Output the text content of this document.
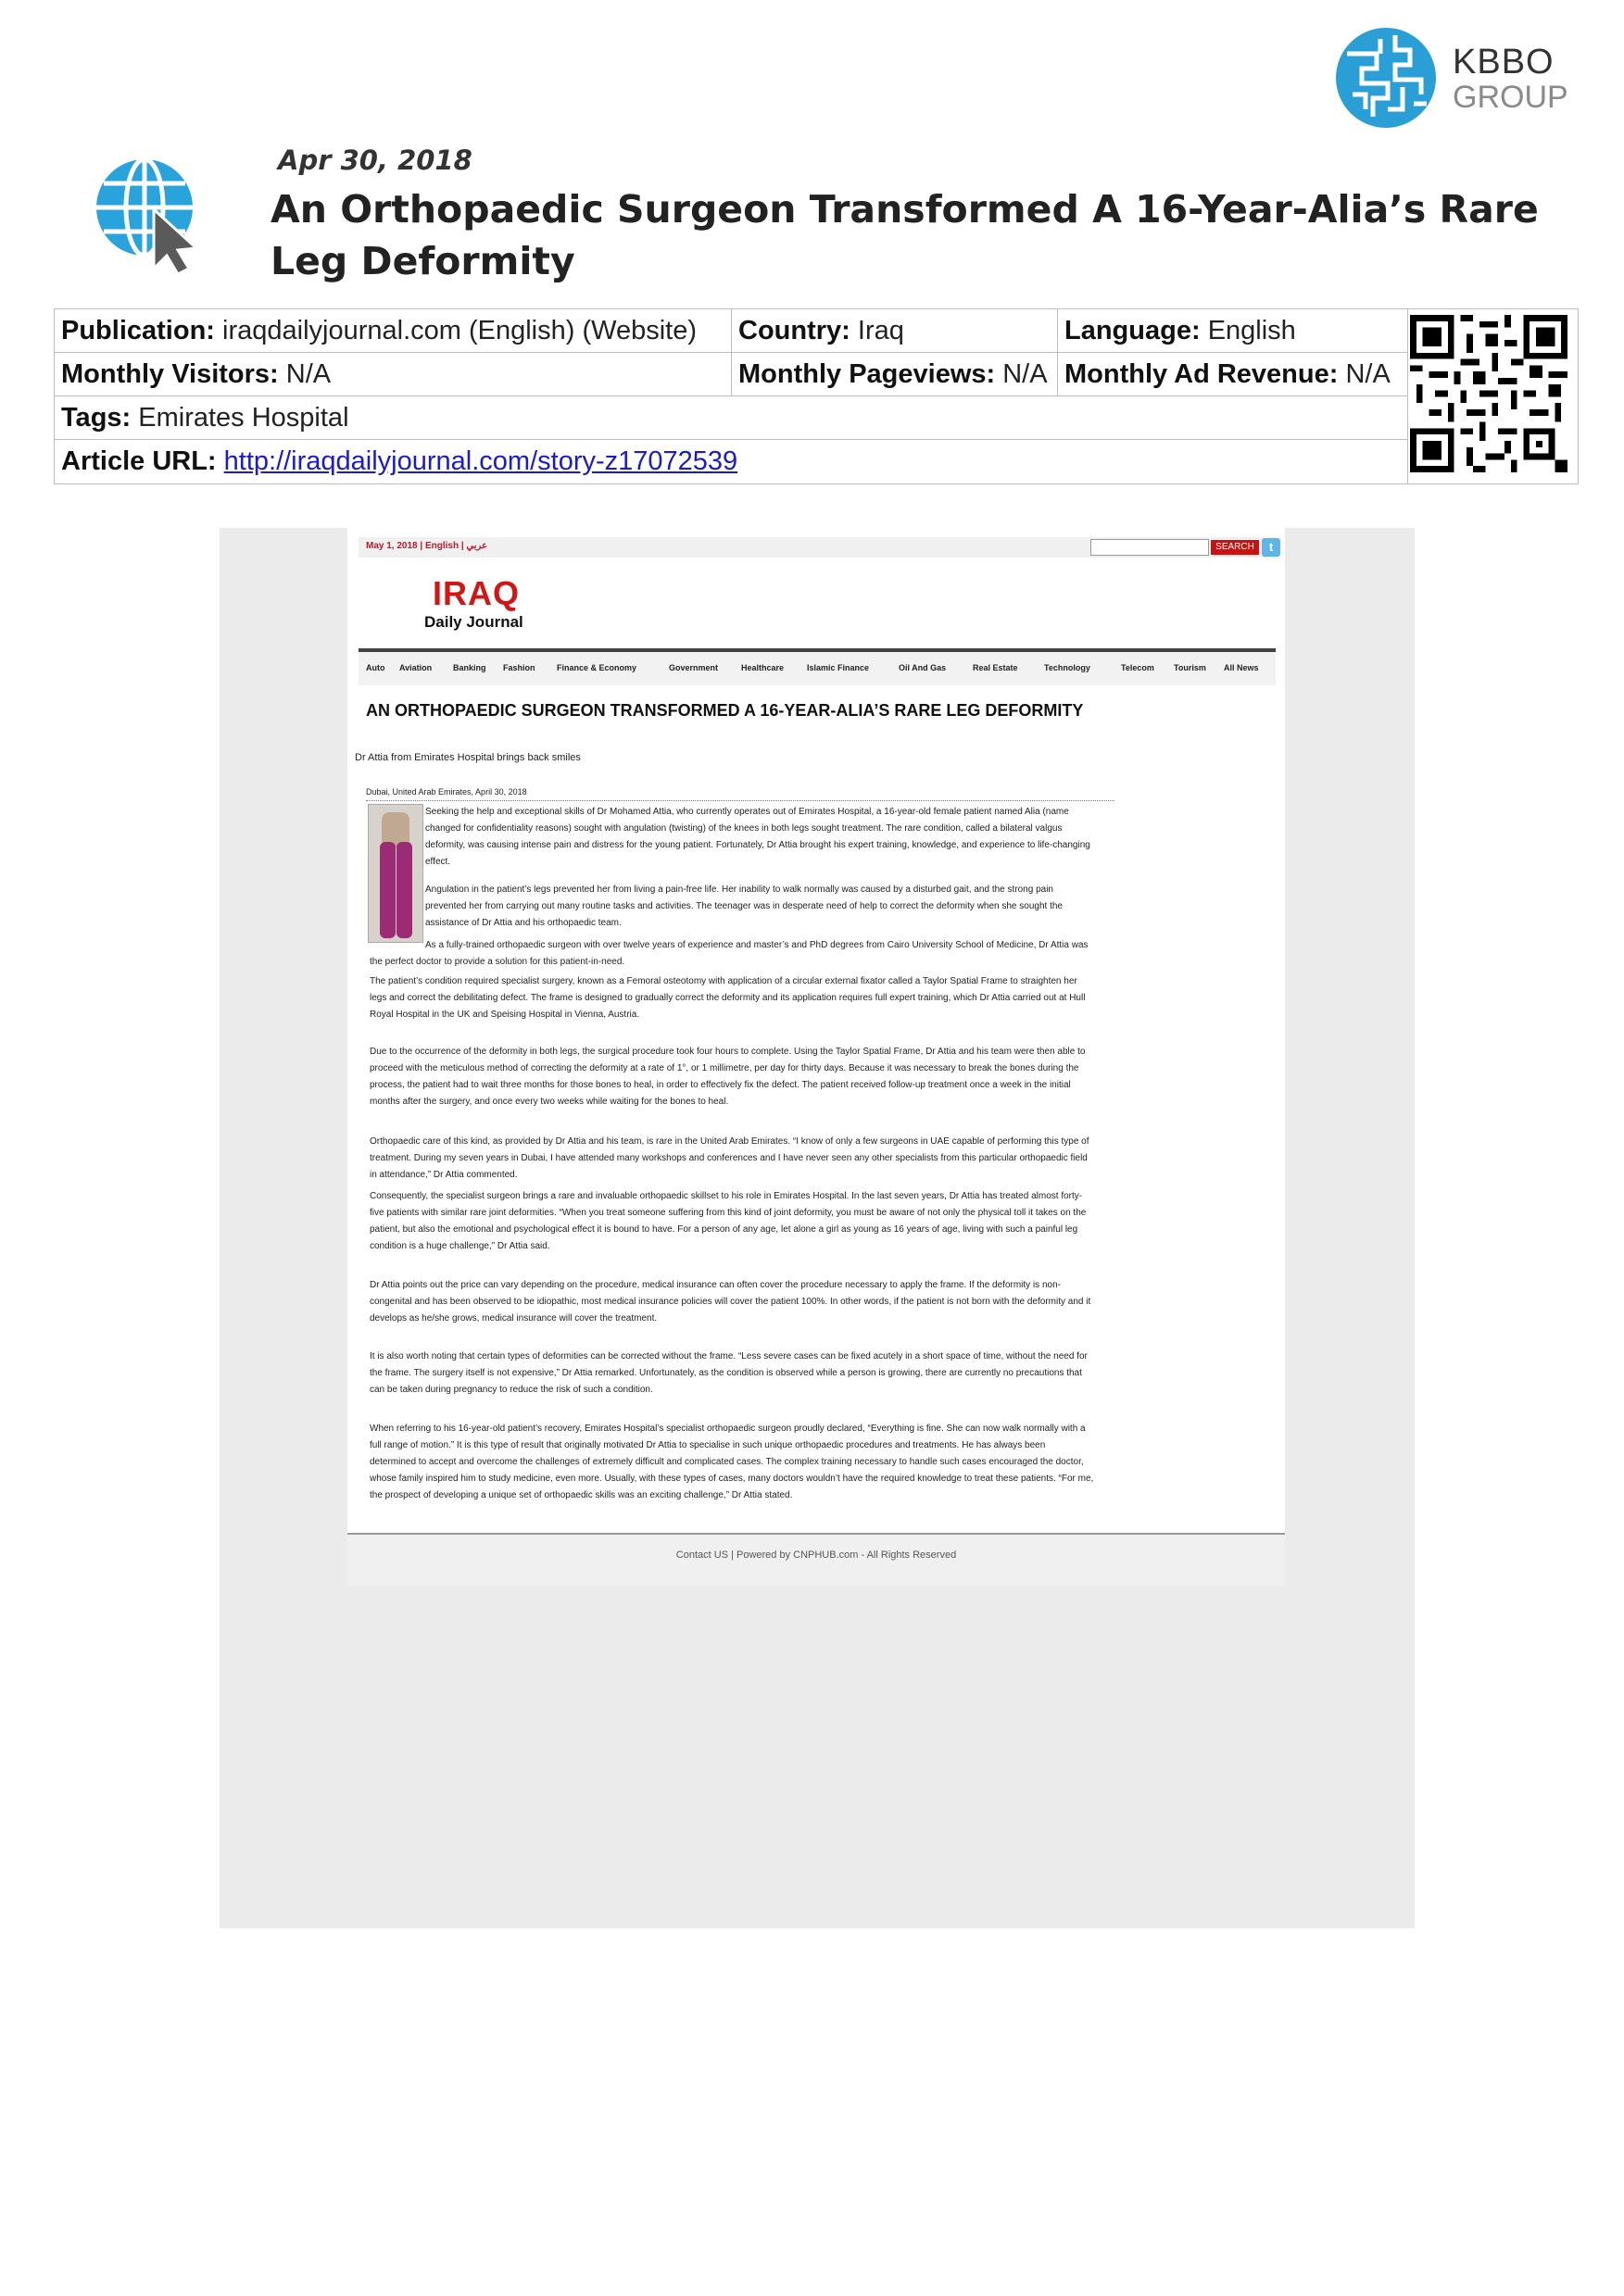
KBBO
GROUP
Apr 30, 2018
An Orthopaedic Surgeon Transformed A 16-Year-Alia’s Rare Leg Deformity
Publication: iraqdailyjournal.com (English) (Website)	Country: Iraq	Language: English
Monthly Visitors: N/A	Monthly Pageviews: N/A Monthly Ad Revenue: N/A
Tags: Emirates Hospital
Article URL: http://iraqdailyjournal.com/story-z17072539
May 1, 2018 | English | عربي	SEARCH	t
IRAQ
Daily Journal
Auto Aviation	Banking Fashion	Finance & Economy	Government	Healthcare	Islamic Finance	Oil And Gas	Real Estate	Technology	Telecom Tourism All News
AN ORTHOPAEDIC SURGEON TRANSFORMED A 16-YEAR-ALIA’S RARE LEG DEFORMITY
Dr Attia from Emirates Hospital brings back smiles
Dubai, United Arab Emirates, April 30, 2018
Seeking the help and exceptional skills of Dr Mohamed Attia, who currently operates out of Emirates Hospital, a 16-year-old female patient named Alia (name changed for confidentiality reasons) sought with angulation (twisting) of the knees in both legs sought treatment. The rare condition, called a bilateral valgus deformity, was causing intense pain and distress for the young patient. Fortunately, Dr Attia brought his expert training, knowledge, and experience to life-changing effect.
Angulation in the patient’s legs prevented her from living a pain-free life. Her inability to walk normally was caused by a disturbed gait, and the strong pain prevented her from carrying out many routine tasks and activities. The teenager was in desperate need of help to correct the deformity when she sought the assistance of Dr Attia and his orthopaedic team.
As a fully-trained orthopaedic surgeon with over twelve years of experience and master’s and PhD degrees from Cairo University School of Medicine, Dr Attia was the perfect doctor to provide a solution for this patient-in-need.
The patient’s condition required specialist surgery, known as a Femoral osteotomy with application of a circular external fixator called a Taylor Spatial Frame to straighten her legs and correct the debilitating defect. The frame is designed to gradually correct the deformity and its application requires full expert training, which Dr Attia carried out at Hull Royal Hospital in the UK and Speising Hospital in Vienna, Austria.
Due to the occurrence of the deformity in both legs, the surgical procedure took four hours to complete. Using the Taylor Spatial Frame, Dr Attia and his team were then able to proceed with the meticulous method of correcting the deformity at a rate of 1°, or 1 millimetre, per day for thirty days. Because it was necessary to break the bones during the process, the patient had to wait three months for those bones to heal, in order to effectively fix the defect. The patient received follow-up treatment once a week in the initial months after the surgery, and once every two weeks while waiting for the bones to heal.
Orthopaedic care of this kind, as provided by Dr Attia and his team, is rare in the United Arab Emirates. “I know of only a few surgeons in UAE capable of performing this type of treatment. During my seven years in Dubai, I have attended many workshops and conferences and I have never seen any other specialists from this particular orthopaedic field in attendance,” Dr Attia commented.
Consequently, the specialist surgeon brings a rare and invaluable orthopaedic skillset to his role in Emirates Hospital. In the last seven years, Dr Attia has treated almost forty-five patients with similar rare joint deformities. “When you treat someone suffering from this kind of joint deformity, you must be aware of not only the physical toll it takes on the patient, but also the emotional and psychological effect it is bound to have. For a person of any age, let alone a girl as young as 16 years of age, living with such a painful leg condition is a huge challenge,” Dr Attia said.
Dr Attia points out the price can vary depending on the procedure, medical insurance can often cover the procedure necessary to apply the frame. If the deformity is non-congenital and has been observed to be idiopathic, most medical insurance policies will cover the patient 100%. In other words, if the patient is not born with the deformity and it develops as he/she grows, medical insurance will cover the treatment.
It is also worth noting that certain types of deformities can be corrected without the frame. “Less severe cases can be fixed acutely in a short space of time, without the need for the frame. The surgery itself is not expensive,” Dr Attia remarked. Unfortunately, as the condition is observed while a person is growing, there are currently no precautions that can be taken during pregnancy to reduce the risk of such a condition.
When referring to his 16-year-old patient’s recovery, Emirates Hospital’s specialist orthopaedic surgeon proudly declared, “Everything is fine. She can now walk normally with a full range of motion.” It is this type of result that originally motivated Dr Attia to specialise in such unique orthopaedic procedures and treatments. He has always been determined to accept and overcome the challenges of extremely difficult and complicated cases. The complex training necessary to handle such cases encouraged the doctor, whose family inspired him to study medicine, even more. Usually, with these types of cases, many doctors wouldn’t have the required knowledge to treat these patients. “For me, the prospect of developing a unique set of orthopaedic skills was an exciting challenge,” Dr Attia stated.
Contact US | Powered by CNPHUB.com - All Rights Reserved
